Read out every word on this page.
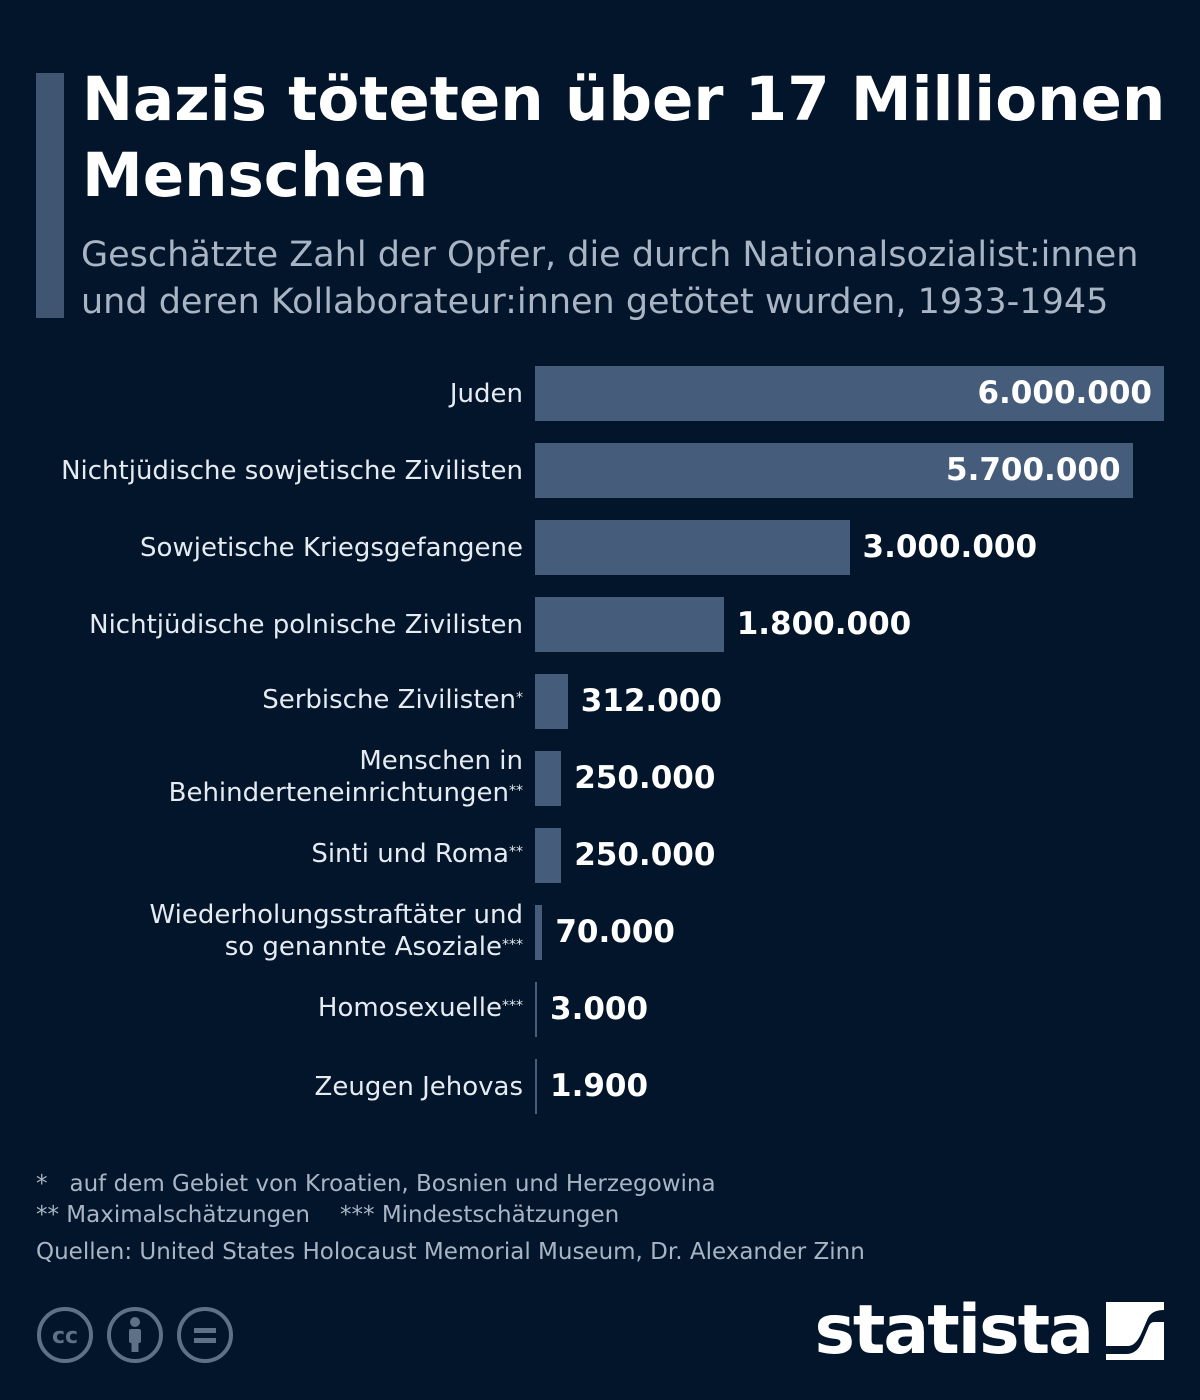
Nazis töteten über 17 Millionen Menschen

Geschätzte Zahl der Opfer, die durch Nationalsozialist:innen und deren Kollaborateur:innen getötet wurden, 1933-1945

Juden	6.000.000
Nichtjüdische sowjetische Zivilisten	5.700.000
Sowjetische Kriegsgefangene	3.000.000
Nichtjüdische polnische Zivilisten	1.800.000
Serbische Zivilisten* 312.000
Menschen in
Behinderteneinrichtungen** 250.000
Sinti und Roma** 250.000
Wiederholungsstraftäter und
so genannte Asoziale*** 70.000
Homosexuelle*** 3.000
Zeugen Jehovas 1.900
* auf dem Gebiet von Kroatien, Bosnien und Herzegowina
** Maximalschätzungen *** Mindestschätzungen
Quellen: United States Holocaust Memorial Museum, Dr. Alexander Zinn
cc	statista
